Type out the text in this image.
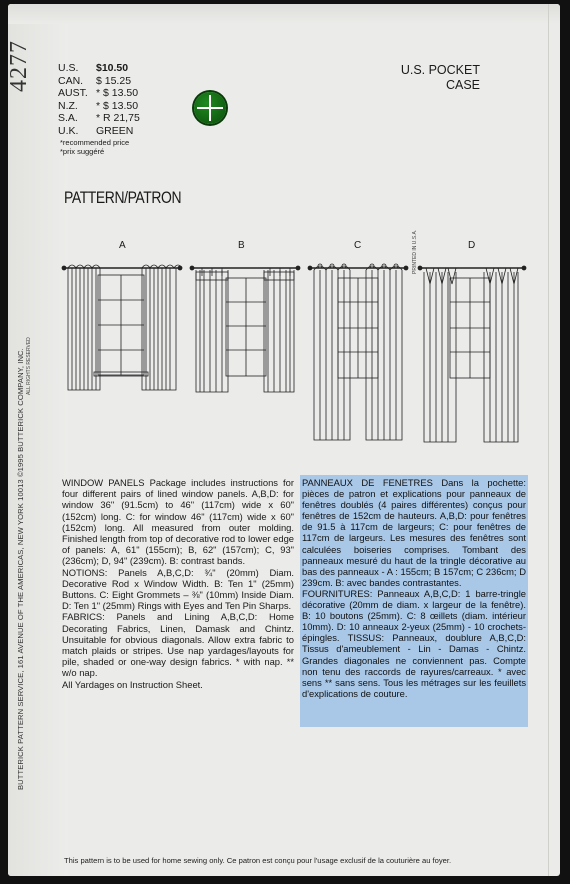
4277
BUTTERICK PATTERN SERVICE, 161 AVENUE OF THE AMERICAS, NEW YORK 10013 ©1995 BUTTERICK COMPANY, INC. ALL RIGHTS RESERVED
PRINTED IN U.S.A.
U.S.	$10.50
CAN.	$ 15.25
AUST. * $ 13.50
N.Z.	* $ 13.50
S.A.	* R 21,75
U.K.	GREEN
*recommended price
*prix suggéré
U.S. POCKET
CASE
PATTERN/PATRON
A	B	C	D

WINDOW PANELS Package includes instructions for four different pairs of lined window panels. A,B,D: for window 36" (91.5cm) to 46" (117cm) wide x 60" (152cm) long. C: for window 46" (117cm) wide x 60" (152cm) long. All measured from outer molding. Finished length from top of decorative rod to lower edge of panels: A, 61" (155cm); B, 62" (157cm); C, 93" (236cm); D, 94" (239cm). B: contrast bands.

NOTIONS: Panels A,B,C,D: ¾" (20mm) Diam. Decorative Rod x Window Width. B: Ten 1" (25mm) Buttons. C: Eight Grommets – ⅜" (10mm) Inside Diam. D: Ten 1" (25mm) Rings with Eyes and Ten Pin Sharps.

FABRICS: Panels and Lining A,B,C,D: Home Decorating Fabrics, Linen, Damask and Chintz. Unsuitable for obvious diagonals. Allow extra fabric to match plaids or stripes. Use nap yardages/layouts for pile, shaded or one-way design fabrics. * with nap. ** w/o nap.

All Yardages on Instruction Sheet.

PANNEAUX DE FENETRES Dans la pochette: pièces de patron et explications pour panneaux de fenêtres doublés (4 paires différentes) conçus pour fenêtres de 152cm de hauteurs. A,B,D: pour fenêtres de 91.5 à 117cm de largeurs; C: pour fenêtres de 117cm de largeurs. Les mesures des fenêtres sont calculées boiseries comprises. Tombant des panneaux mesuré du haut de la tringle décorative au bas des panneaux - A : 155cm; B 157cm; C 236cm; D 239cm. B: avec bandes contrastantes.

FOURNITURES: Panneaux A,B,C,D: 1 barre-tringle décorative (20mm de diam. x largeur de la fenêtre). B: 10 boutons (25mm). C: 8 œillets (diam. intérieur 10mm). D: 10 anneaux 2-yeux (25mm) - 10 crochets-épingles. TISSUS: Panneaux, doublure A,B,C,D: Tissus d'ameublement - Lin - Damas - Chintz. Grandes diagonales ne conviennent pas. Compte non tenu des raccords de rayures/carreaux. * avec sens ** sans sens. Tous les métrages sur les feuillets d'explications de couture.

This pattern is to be used for home sewing only. Ce patron est conçu pour l'usage exclusif de la couturière au foyer.
